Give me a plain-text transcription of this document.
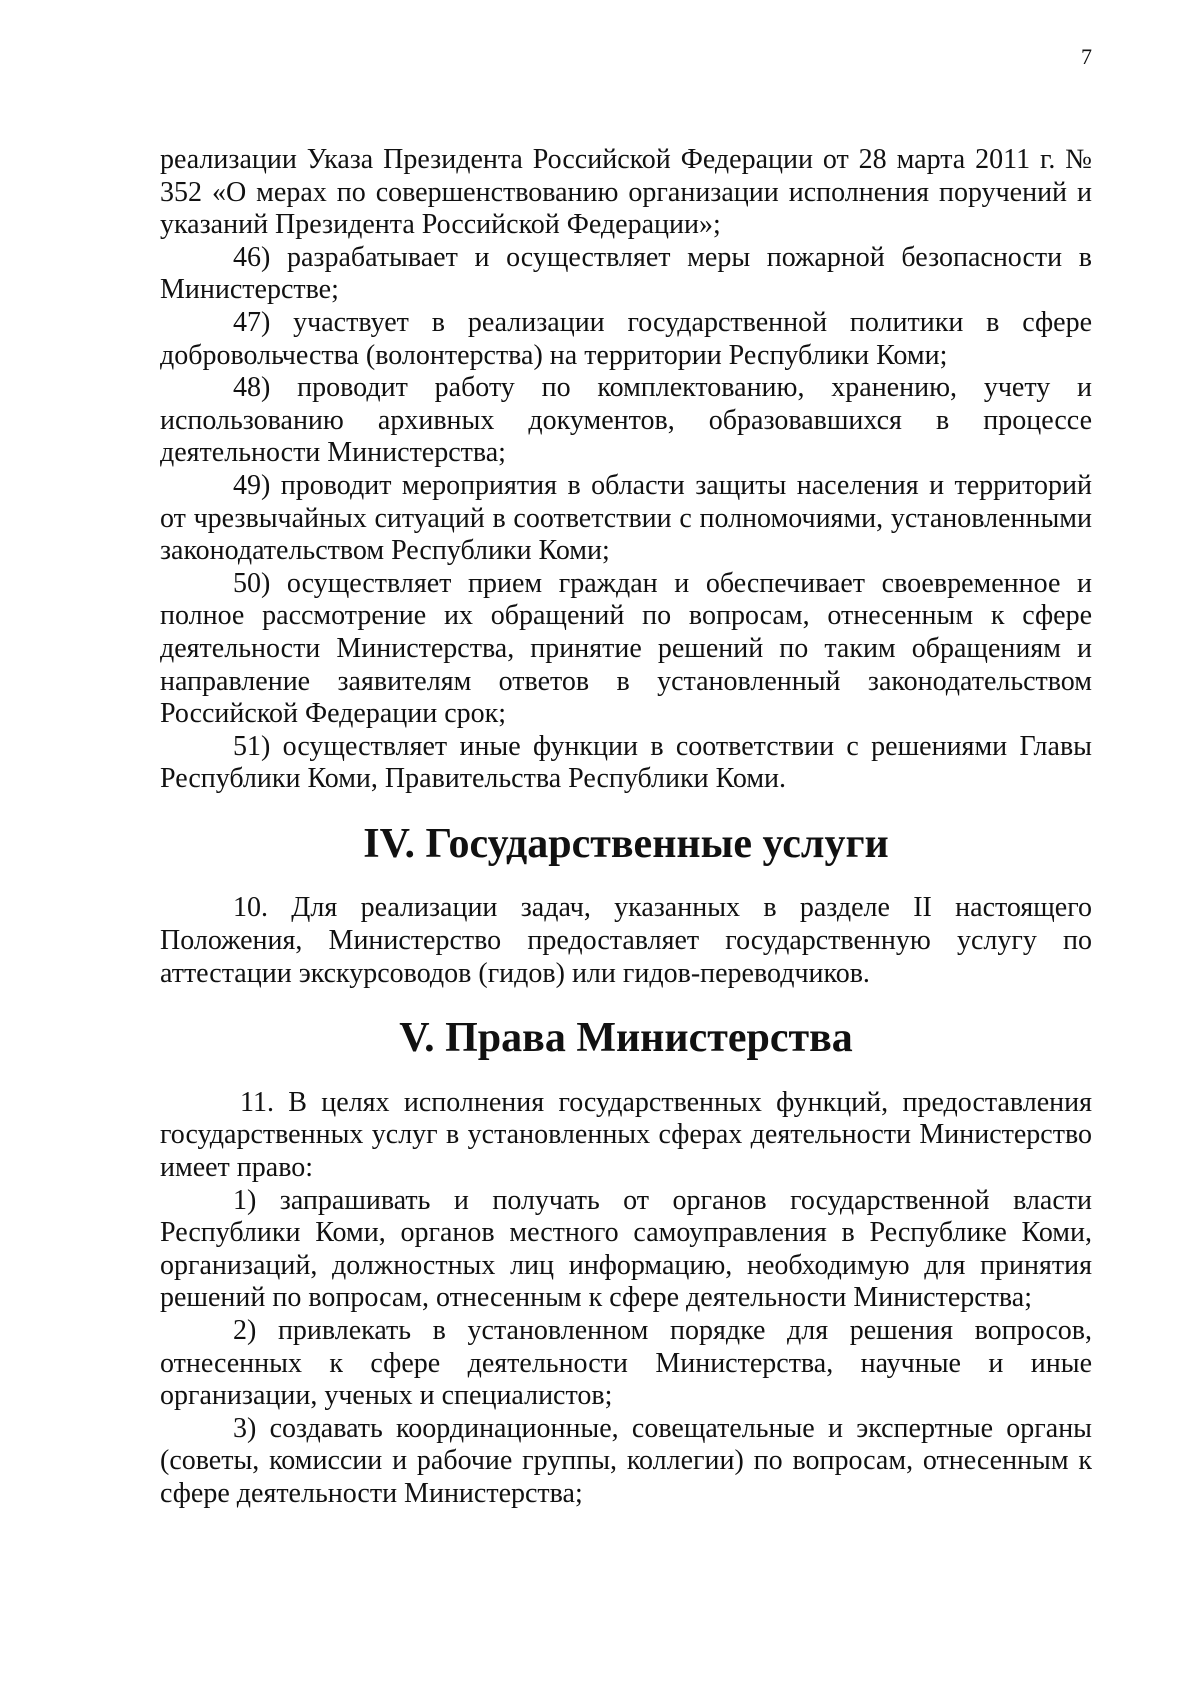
7

реализации Указа Президента Российской Федерации от 28 марта 2011 г. № 352 «О мерах по совершенствованию организации исполнения поручений и указаний Президента Российской Федерации»;

46) разрабатывает и осуществляет меры пожарной безопасности в Министерстве;

47) участвует в реализации государственной политики в сфере добровольчества (волонтерства) на территории Республики Коми;

48) проводит работу по комплектованию, хранению, учету и использованию архивных документов, образовавшихся в процессе деятельности Министерства;

49) проводит мероприятия в области защиты населения и территорий от чрезвычайных ситуаций в соответствии с полномочиями, установленными законодательством Республики Коми;

50) осуществляет прием граждан и обеспечивает своевременное и полное рассмотрение их обращений по вопросам, отнесенным к сфере деятельности Министерства, принятие решений по таким обращениям и направление заявителям ответов в установленный законодательством Российской Федерации срок;

51) осуществляет иные функции в соответствии с решениями Главы Республики Коми, Правительства Республики Коми.

IV. Государственные услуги

10. Для реализации задач, указанных в разделе II настоящего Положения, Министерство предоставляет государственную услугу по аттестации экскурсоводов (гидов) или гидов-переводчиков.

V. Права Министерства

11. В целях исполнения государственных функций, предоставления государственных услуг в установленных сферах деятельности Министерство имеет право:

1) запрашивать и получать от органов государственной власти Республики Коми, органов местного самоуправления в Республике Коми, организаций, должностных лиц информацию, необходимую для принятия решений по вопросам, отнесенным к сфере деятельности Министерства;

2) привлекать в установленном порядке для решения вопросов, отнесенных к сфере деятельности Министерства, научные и иные организации, ученых и специалистов;

3) создавать координационные, совещательные и экспертные органы (советы, комиссии и рабочие группы, коллегии) по вопросам, отнесенным к сфере деятельности Министерства;
